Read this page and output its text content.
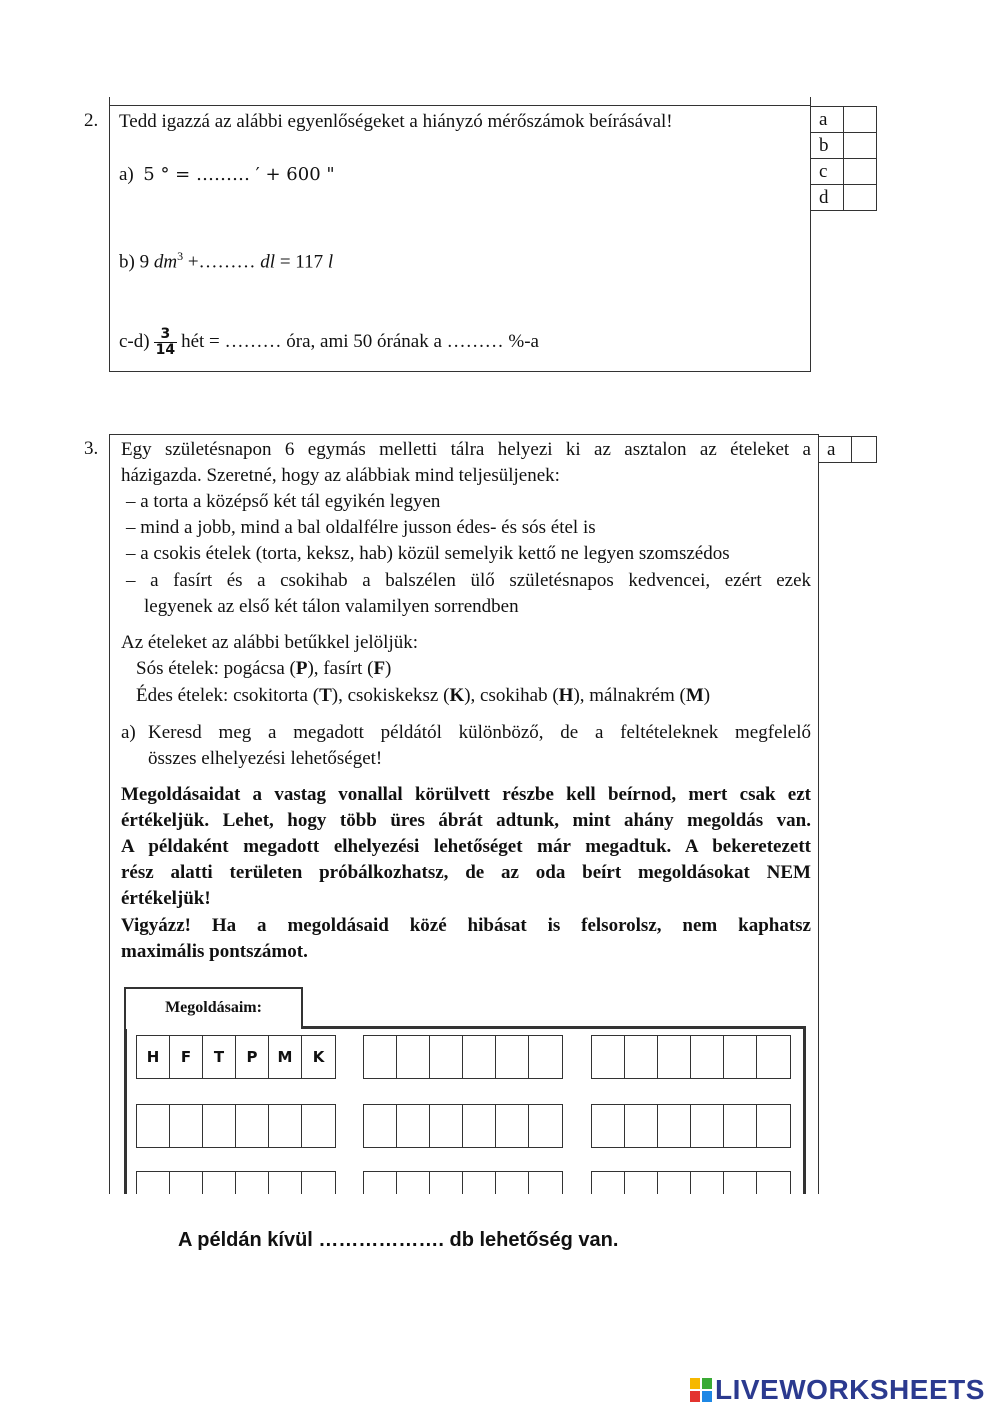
2. Tedd igazzá az alábbi egyenlőségeket a hiányzó mérőszámok beírásával!
a) 5 ° = ……… ′ + 600 "
b) 9 $dm^3$ +……… dl = 117 l
$c-d) \frac{3}{14}$ hét = ……… óra, ami 50 órának a ……… %-a
a	
b	
c	
d	
3.	a	
Egy születésnapon 6 egymás melletti tálra helyezi ki az asztalon az ételeket a
házigazda. Szeretné, hogy az alábbiak mind teljesüljenek:
– a torta a középső két tál egyikén legyen
– mind a jobb, mind a bal oldalfélre jusson édes- és sós étel is
– a csokis ételek (torta, keksz, hab) közül semelyik kettő ne legyen szomszédos
– a fasírt és a csokihab a balszélen ülő születésnapos kedvencei, ezért ezek
legyenek az első két tálon valamilyen sorrendben
Az ételeket az alábbi betűkkel jelöljük:
Sós ételek: pogácsa (P), fasírt (F)
Édes ételek: csokitorta (T), csokiskeksz (K), csokihab (H), málnakrém (M)
a) Keresd meg a megadott példától különböző, de a feltételeknek megfelelő
összes elhelyezési lehetőséget!
Megoldásaidat a vastag vonallal körülvett részbe kell beírnod, mert csak ezt
értékeljük. Lehet, hogy több üres ábrát adtunk, mint ahány megoldás van.
A példaként megadott elhelyezési lehetőséget már megadtuk. A bekeretezett
rész alatti területen próbálkozhatsz, de az oda beírt megoldásokat NEM
értékeljük!
Vigyázz! Ha a megoldásaid közé hibásat is felsorolsz, nem kaphatsz
maximális pontszámot.
Megoldásaim:
H	F	T	P	M	K
A példán kívül ………………. db lehetőség van.
LIVEWORKSHEETS
